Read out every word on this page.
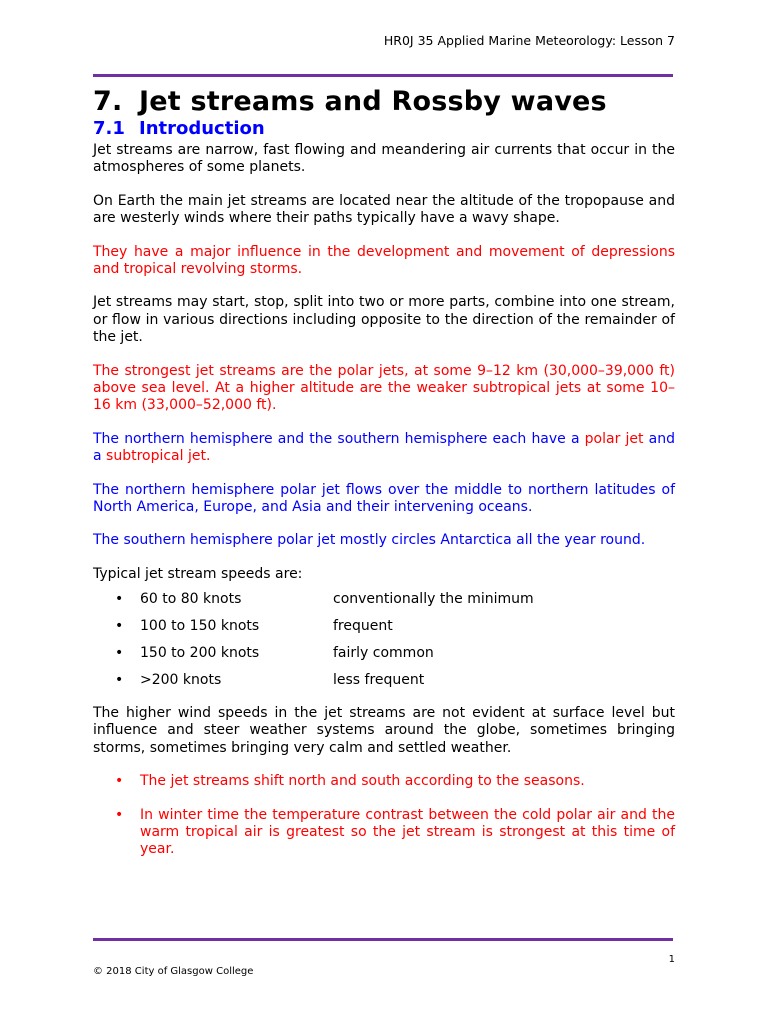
HR0J 35 Applied Marine Meteorology: Lesson 7
7. Jet streams and Rossby waves
7.1 Introduction

Jet streams are narrow, fast flowing and meandering air currents that occur in the atmospheres of some planets.

On Earth the main jet streams are located near the altitude of the tropopause and are westerly winds where their paths typically have a wavy shape.

They have a major influence in the development and movement of depressions and tropical revolving storms.

Jet streams may start, stop, split into two or more parts, combine into one stream, or flow in various directions including opposite to the direction of the remainder of the jet.

The strongest jet streams are the polar jets, at some 9–12 km (30,000–39,000 ft) above sea level. At a higher altitude are the weaker subtropical jets at some 10–16 km (33,000–52,000 ft).

The northern hemisphere and the southern hemisphere each have a polar jet and a subtropical jet.

The northern hemisphere polar jet flows over the middle to northern latitudes of North America, Europe, and Asia and their intervening oceans.

The southern hemisphere polar jet mostly circles Antarctica all the year round.

Typical jet stream speeds are:

• 60 to 80 knots	conventionally the minimum
• 100 to 150 knots	frequent
• 150 to 200 knots	fairly common
• >200 knots	less frequent

The higher wind speeds in the jet streams are not evident at surface level but influence and steer weather systems around the globe, sometimes bringing storms, sometimes bringing very calm and settled weather.

• The jet streams shift north and south according to the seasons.
• In winter time the temperature contrast between the cold polar air and the warm tropical air is greatest so the jet stream is strongest at this time of year.
1
© 2018 City of Glasgow College
